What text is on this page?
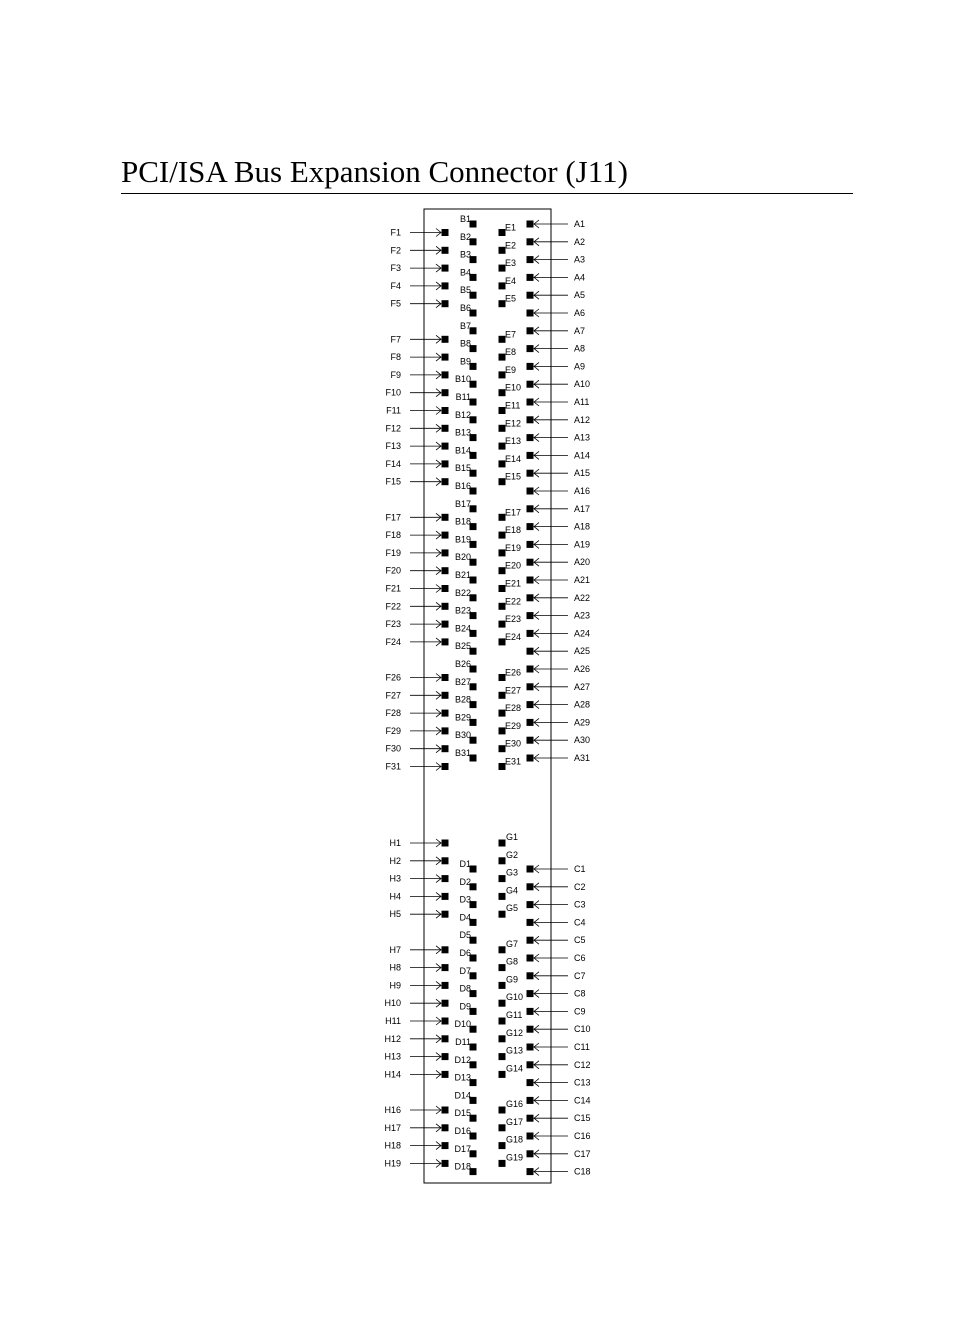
PCI/ISA Bus Expansion Connector (J11)
A1
A2
A3
A4
A5
A6
A7
A8
A9
A10
A11
A12
A13
A14
A15
A16
A17
A18
A19
A20
A21
A22
A23
A24
A25
A26
A27
A28
A29
A30
A31
B1
B2
B3
B4
B5
B6
B7
B8
B9
B10
B11
B12
B13
B14
B15
B16
B17
B18
B19
B20
B21
B22
B23
B24
B25
B26
B27
B28
B29
B30
B31
E1
E2
E3
E4
E5
E7
E8
E9
E10
E11
E12
E13
E14
E15
E17
E18
E19
E20
E21
E22
E23
E24
E26
E27
E28
E29
E30
E31
F1
F2
F3
F4
F5
F7
F8
F9
F10
F11
F12
F13
F14
F15
F17
F18
F19
F20
F21
F22
F23
F24
F26
F27
F28
F29
F30
F31
H1
H2
H3
H4
H5
H7
H8
H9
H10
H11
H12
H13
H14
H16
H17
H18
H19
G1
G2
G3
G4
G5
G7
G8
G9
G10
G11
G12
G13
G14
G16
G17
G18
G19
D1
D2
D3
D4
D5
D6
D7
D8
D9
D10
D11
D12
D13
D14
D15
D16
D17
D18
C1
C2
C3
C4
C5
C6
C7
C8
C9
C10
C11
C12
C13
C14
C15
C16
C17
C18
